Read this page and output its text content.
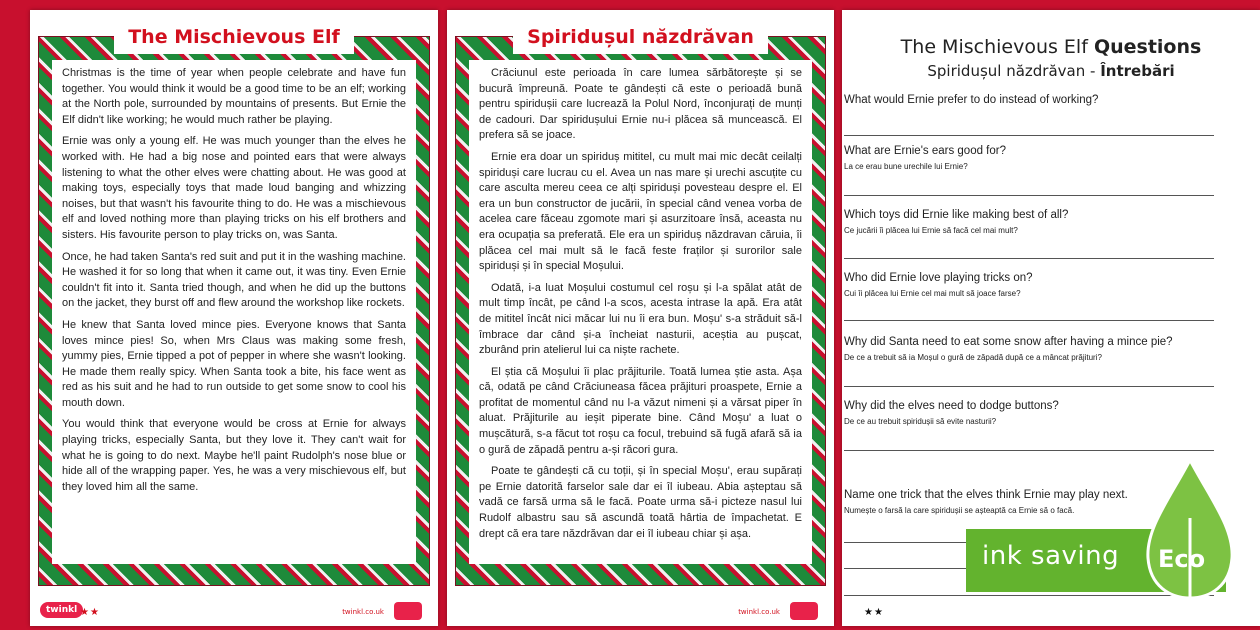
The Mischievous Elf

Christmas is the time of year when people celebrate and have fun together. You would think it would be a good time to be an elf; working at the North pole, surrounded by mountains of presents. But Ernie the Elf didn't like working; he would much rather be playing.

Ernie was only a young elf. He was much younger than the elves he worked with. He had a big nose and pointed ears that were always listening to what the other elves were chatting about. He was good at making toys, especially toys that made loud banging and whizzing noises, but that wasn't his favourite thing to do. He was a mischievous elf and loved nothing more than playing tricks on his elf brothers and sisters. His favourite person to play tricks on, was Santa.

Once, he had taken Santa's red suit and put it in the washing machine. He washed it for so long that when it came out, it was tiny. Even Ernie couldn't fit into it. Santa tried though, and when he did up the buttons on the jacket, they burst off and flew around the workshop like rockets.

He knew that Santa loved mince pies. Everyone knows that Santa loves mince pies! So, when Mrs Claus was making some fresh, yummy pies, Ernie tipped a pot of pepper in where she wasn't looking. He made them really spicy. When Santa took a bite, his face went as red as his suit and he had to run outside to get some snow to cool his mouth down.

You would think that everyone would be cross at Ernie for always playing tricks, especially Santa, but they love it. They can't wait for what he is going to do next. Maybe he'll paint Rudolph's nose blue or hide all of the wrapping paper. Yes, he was a very mischievous elf, but they loved him all the same.

twinkl ★★	twinkl.co.uk
Spiridușul năzdrăvan

Crăciunul este perioada în care lumea sărbătorește și se bucură împreună. Poate te gândești că este o perioadă bună pentru spiridușii care lucrează la Polul Nord, înconjurați de munți de cadouri. Dar spiridușului Ernie nu-i plăcea să muncească. El prefera să se joace.

Ernie era doar un spiriduș mititel, cu mult mai mic decât ceilalți spiriduși care lucrau cu el. Avea un nas mare și urechi ascuțite cu care asculta mereu ceea ce alți spiriduși povesteau despre el. El era un bun constructor de jucării, în special când venea vorba de acelea care făceau zgomote mari și asurzitoare însă, aceasta nu era ocupația sa preferată. Ele era un spiriduș năzdravan căruia, îi plăcea cel mai mult să le facă feste fraților și surorilor sale spiriduși și în special Moșului.

Odată, i-a luat Moșului costumul cel roșu și l-a spălat atât de mult timp încât, pe când l-a scos, acesta intrase la apă. Era atât de mititel încât nici măcar lui nu îi era bun. Moșu' s-a străduit să-l îmbrace dar când și-a încheiat nasturii, aceștia au pușcat, zburând prin atelierul lui ca niște rachete.

El știa că Moșului îi plac prăjiturile. Toată lumea știe asta. Așa că, odată pe când Crăciuneasa făcea prăjituri proaspete, Ernie a profitat de momentul când nu l-a văzut nimeni și a vărsat piper în aluat. Prăjiturile au ieșit piperate bine. Când Moșu' a luat o mușcătură, s-a făcut tot roșu ca focul, trebuind să fugă afară să ia o gură de zăpadă pentru a-și răcori gura.

Poate te gândești că cu toții, și în special Moșu', erau supărați pe Ernie datorită farselor sale dar ei îl iubeau. Abia așteptau să vadă ce farsă urma să le facă. Poate urma să-i picteze nasul lui Rudolf albastru sau să ascundă toată hârtia de împachetat. E drept că era tare năzdrăvan dar ei îl iubeau chiar și așa.

twinkl.co.uk
The Mischievous Elf Questions
Spiridușul năzdrăvan - Întrebări
What would Ernie prefer to do instead of working?
What are Ernie's ears good for?
La ce erau bune urechile lui Ernie?
Which toys did Ernie like making best of all?
Ce jucării îi plăcea lui Ernie să facă cel mai mult?
Who did Ernie love playing tricks on?
Cui îi plăcea lui Ernie cel mai mult să joace farse?
Why did Santa need to eat some snow after having a mince pie?
De ce a trebuit să ia Moșul o gură de zăpadă după ce a mâncat prăjituri?
Why did the elves need to dodge buttons?
De ce au trebuit spiridușii să evite nasturii?
Name one trick that the elves think Ernie may play next.
Numește o farsă la care spiridușii se așteaptă ca Ernie să o facă.
★★
ink saving Eco
